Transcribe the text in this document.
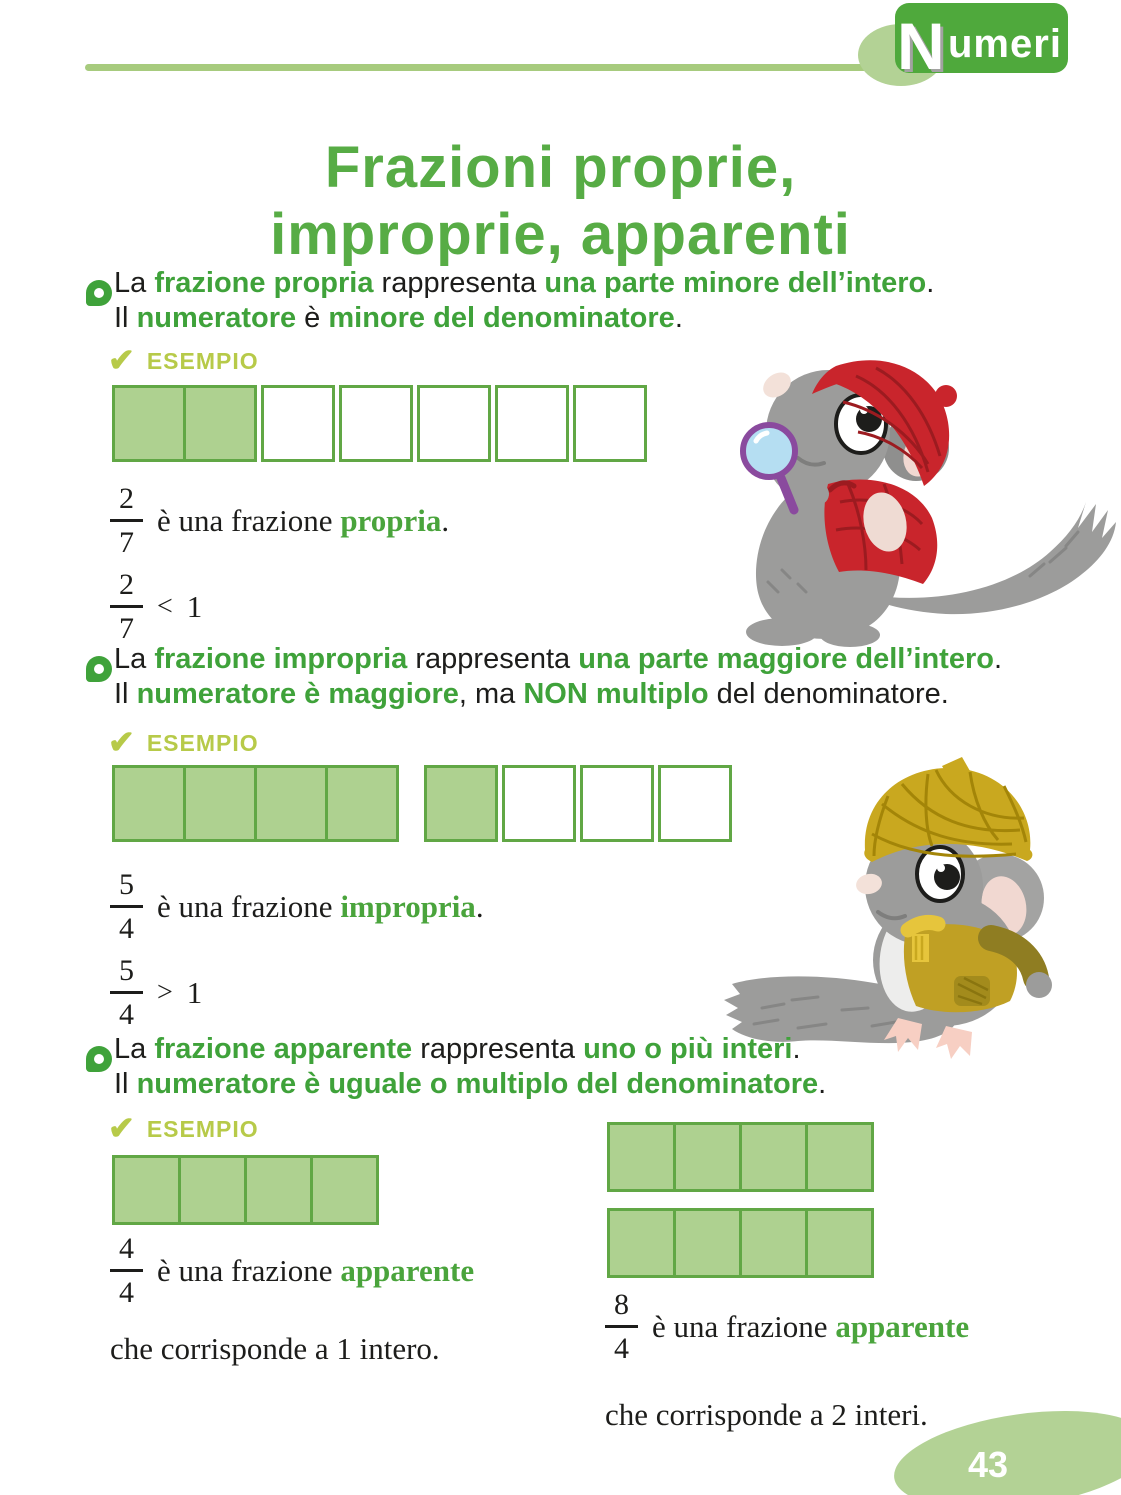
N umeri
Frazioni proprie,
improprie, apparenti

La frazione propria rappresenta una parte minore dell’intero.
Il numeratore è minore del denominatore.

✔ ESEMPIO
$\frac{2}{7}$ è una frazione propria.
$\frac{2}{7} < 1$

La frazione impropria rappresenta una parte maggiore dell’intero.
Il numeratore è maggiore, ma NON multiplo del denominatore.

✔ ESEMPIO
$\frac{5}{4}$ è una frazione impropria.
$\frac{5}{4} > 1$

La frazione apparente rappresenta uno o più interi.
Il numeratore è uguale o multiplo del denominatore.

✔ ESEMPIO
$\frac{4}{4}$ è una frazione apparente

che corrisponde a 1 intero.	$\frac{8}{4}$ è una frazione apparente

che corrisponde a 2 interi.

43
